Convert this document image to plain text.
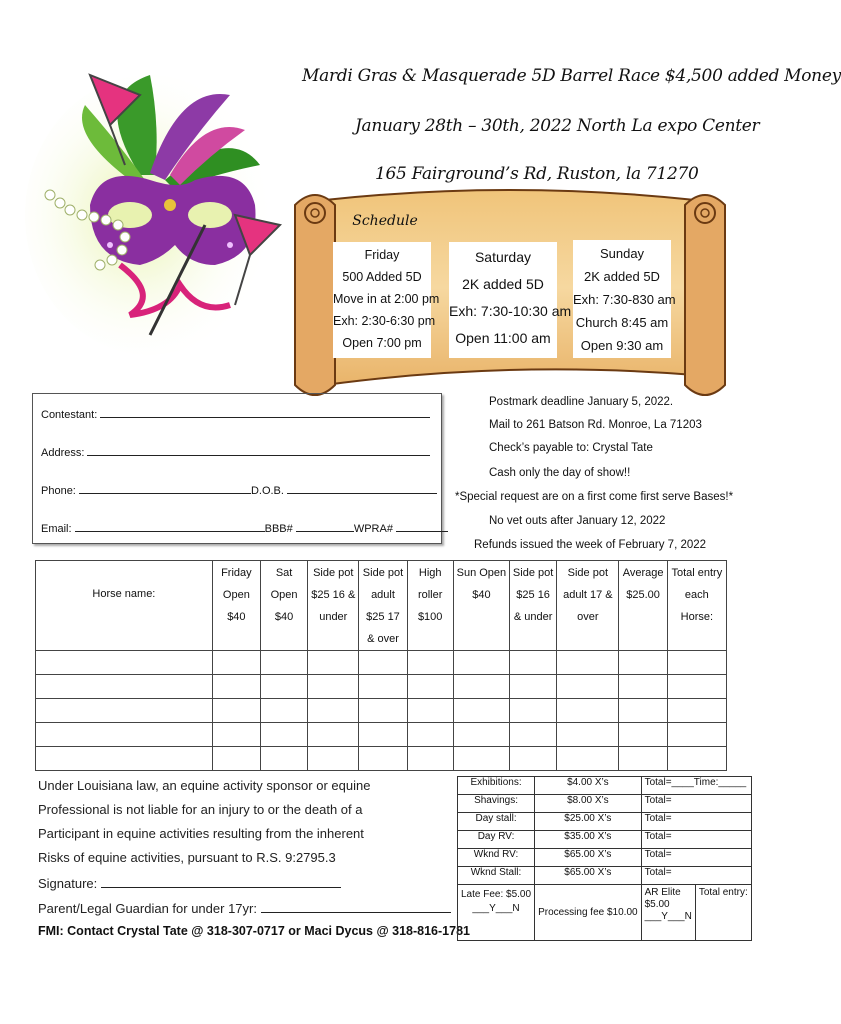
Mardi Gras & Masquerade 5D Barrel Race $4,500 added Money
January 28th – 30th, 2022 North La expo Center
165 Fairground’s Rd, Ruston, la 71270
Schedule
Friday
500 Added 5D
Move in at 2:00 pm
Exh: 2:30-6:30 pm
Open 7:00 pm
Saturday
2K added 5D
Exh: 7:30-10:30 am
Open 11:00 am
Sunday
2K added 5D
Exh: 7:30-830 am
Church 8:45 am
Open 9:30 am
Contestant:
Address:
Phone:	D.O.B.
Email:	BBB#	WPRA#
Postmark deadline January 5, 2022.
Mail to 261 Batson Rd. Monroe, La 71203
Check’s payable to: Crystal Tate
Cash only the day of show!!
*Special request are on a first come first serve Bases!*
No vet outs after January 12, 2022
Refunds issued the week of February 7, 2022
Horse name:	Friday
Open
$40	Sat
Open
$40	Side pot
$25 16 &
under	Side pot
adult
$25 17
& over	High
roller
$100	Sun Open
$40	Side pot
$25 16
& under	Side pot
adult 17 &
over	Average
$25.00	Total entry
each
Horse:

Under Louisiana law, an equine activity sponsor or equine
Professional is not liable for an injury to or the death of a
Participant in equine activities resulting from the inherent
Risks of equine activities, pursuant to R.S. 9:2795.3
Signature:
Parent/Legal Guardian for under 17yr:
FMI: Contact Crystal Tate @ 318-307-0717 or Maci Dycus @ 318-816-1781
Exhibitions:	$4.00 X’s	Total=____Time:_____	
Shavings:	$8.00 X’s	Total=	
Day stall:	$25.00 X’s	Total=	
Day RV:	$35.00 X’s	Total=	
Wknd RV:	$65.00 X’s	Total=	
Wknd Stall:	$65.00 X’s	Total=	
Late Fee: $5.00
___Y___N	Processing fee $10.00	AR Elite
$5.00
___Y___N	Total entry:
